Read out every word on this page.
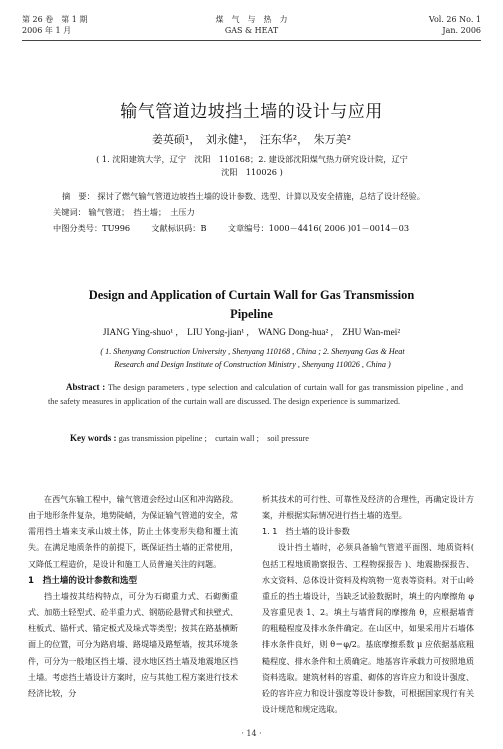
第 26 卷　第 1 期
2006 年 1 月
煤　气　与　热　力
GAS & HEAT
Vol. 26 No. 1
Jan. 2006
输气管道边坡挡土墙的设计与应用
姜英硕¹，　刘永健¹，　汪东华²，　朱万美²
( 1. 沈阳建筑大学，辽宁　沈阳　110168；2. 建设部沈阳煤气热力研究设计院，辽宁
沈阳　110026 )
摘　要： 探讨了燃气输气管道边坡挡土墙的设计参数、选型、计算以及安全措施，总结了设计经验。
关键词： 输气管道；　挡土墙；　土压力
中图分类号：TU996	文献标识码：B	文章编号：1000－4416( 2006 )01－0014－03
Design and Application of Curtain Wall for Gas Transmission
Pipeline
JIANG Ying-shuo¹ ,　LIU Yong-jian¹ ,　WANG Dong-hua² ,　ZHU Wan-mei²
( 1. Shenyang Construction University , Shenyang 110168 , China ; 2. Shenyang Gas & Heat
Research and Design Institute of Construction Ministry , Shenyang 110026 , China )
Abstract : The design parameters , type selection and calculation of curtain wall for gas transmission pipeline , and the safety measures in application of the curtain wall are discussed. The design experience is summarized.
Key words : gas transmission pipeline ;　curtain wall ;　soil pressure

在西气东输工程中，输气管道会经过山区和冲沟路段。由于地形条件复杂，地势陡峭，为保证输气管道的安全，常需用挡土墙来支承山坡土体，防止土体变形失稳和覆土流失。在满足地质条件的前提下，既保证挡土墙的正常使用，又降低工程造价，是设计和施工人员普遍关注的问题。

1　挡土墙的设计参数和选型

挡土墙按其结构特点，可分为石砌重力式、石砌衡重式、加筋土轻型式、砼半重力式、钢筋砼悬臂式和扶壁式、柱板式、锚杆式、锚定板式及垛式等类型；按其在路基横断面上的位置，可分为路肩墙、路堤墙及路堑墙，按其环境条件，可分为一般地区挡土墙、浸水地区挡土墙及地震地区挡土墙。考虑挡土墙设计方案时，应与其他工程方案进行技术经济比较，分

析其技术的可行性、可靠性及经济的合理性，再确定设计方案，并根据实际情况进行挡土墙的选型。

1. 1　挡土墙的设计参数

设计挡土墙时，必须具备输气管道平面图、地质资料( 包括工程地质勘察报告、工程物探报告 )、地震勘探报告、水文资料、总体设计资料及构筑物一览表等资料。对于山岭重丘的挡土墙设计，当缺乏试验数据时，填土的内摩擦角 φ 及容重见表 1、2。填土与墙背间的摩擦角 θ，应根据墙背的粗糙程度及排水条件确定。在山区中，如果采用片石墙体排水条件良好，则 θ＝φ/2。基底摩擦系数 μ 应依据基底粗糙程度、排水条件和土质确定。地基容许承载力可按照地质资料选取。建筑材料的容重、砌体的容许应力和设计强度、砼的容许应力和设计强度等设计参数，可根据国家现行有关设计规范和规定选取。

· 14 ·
